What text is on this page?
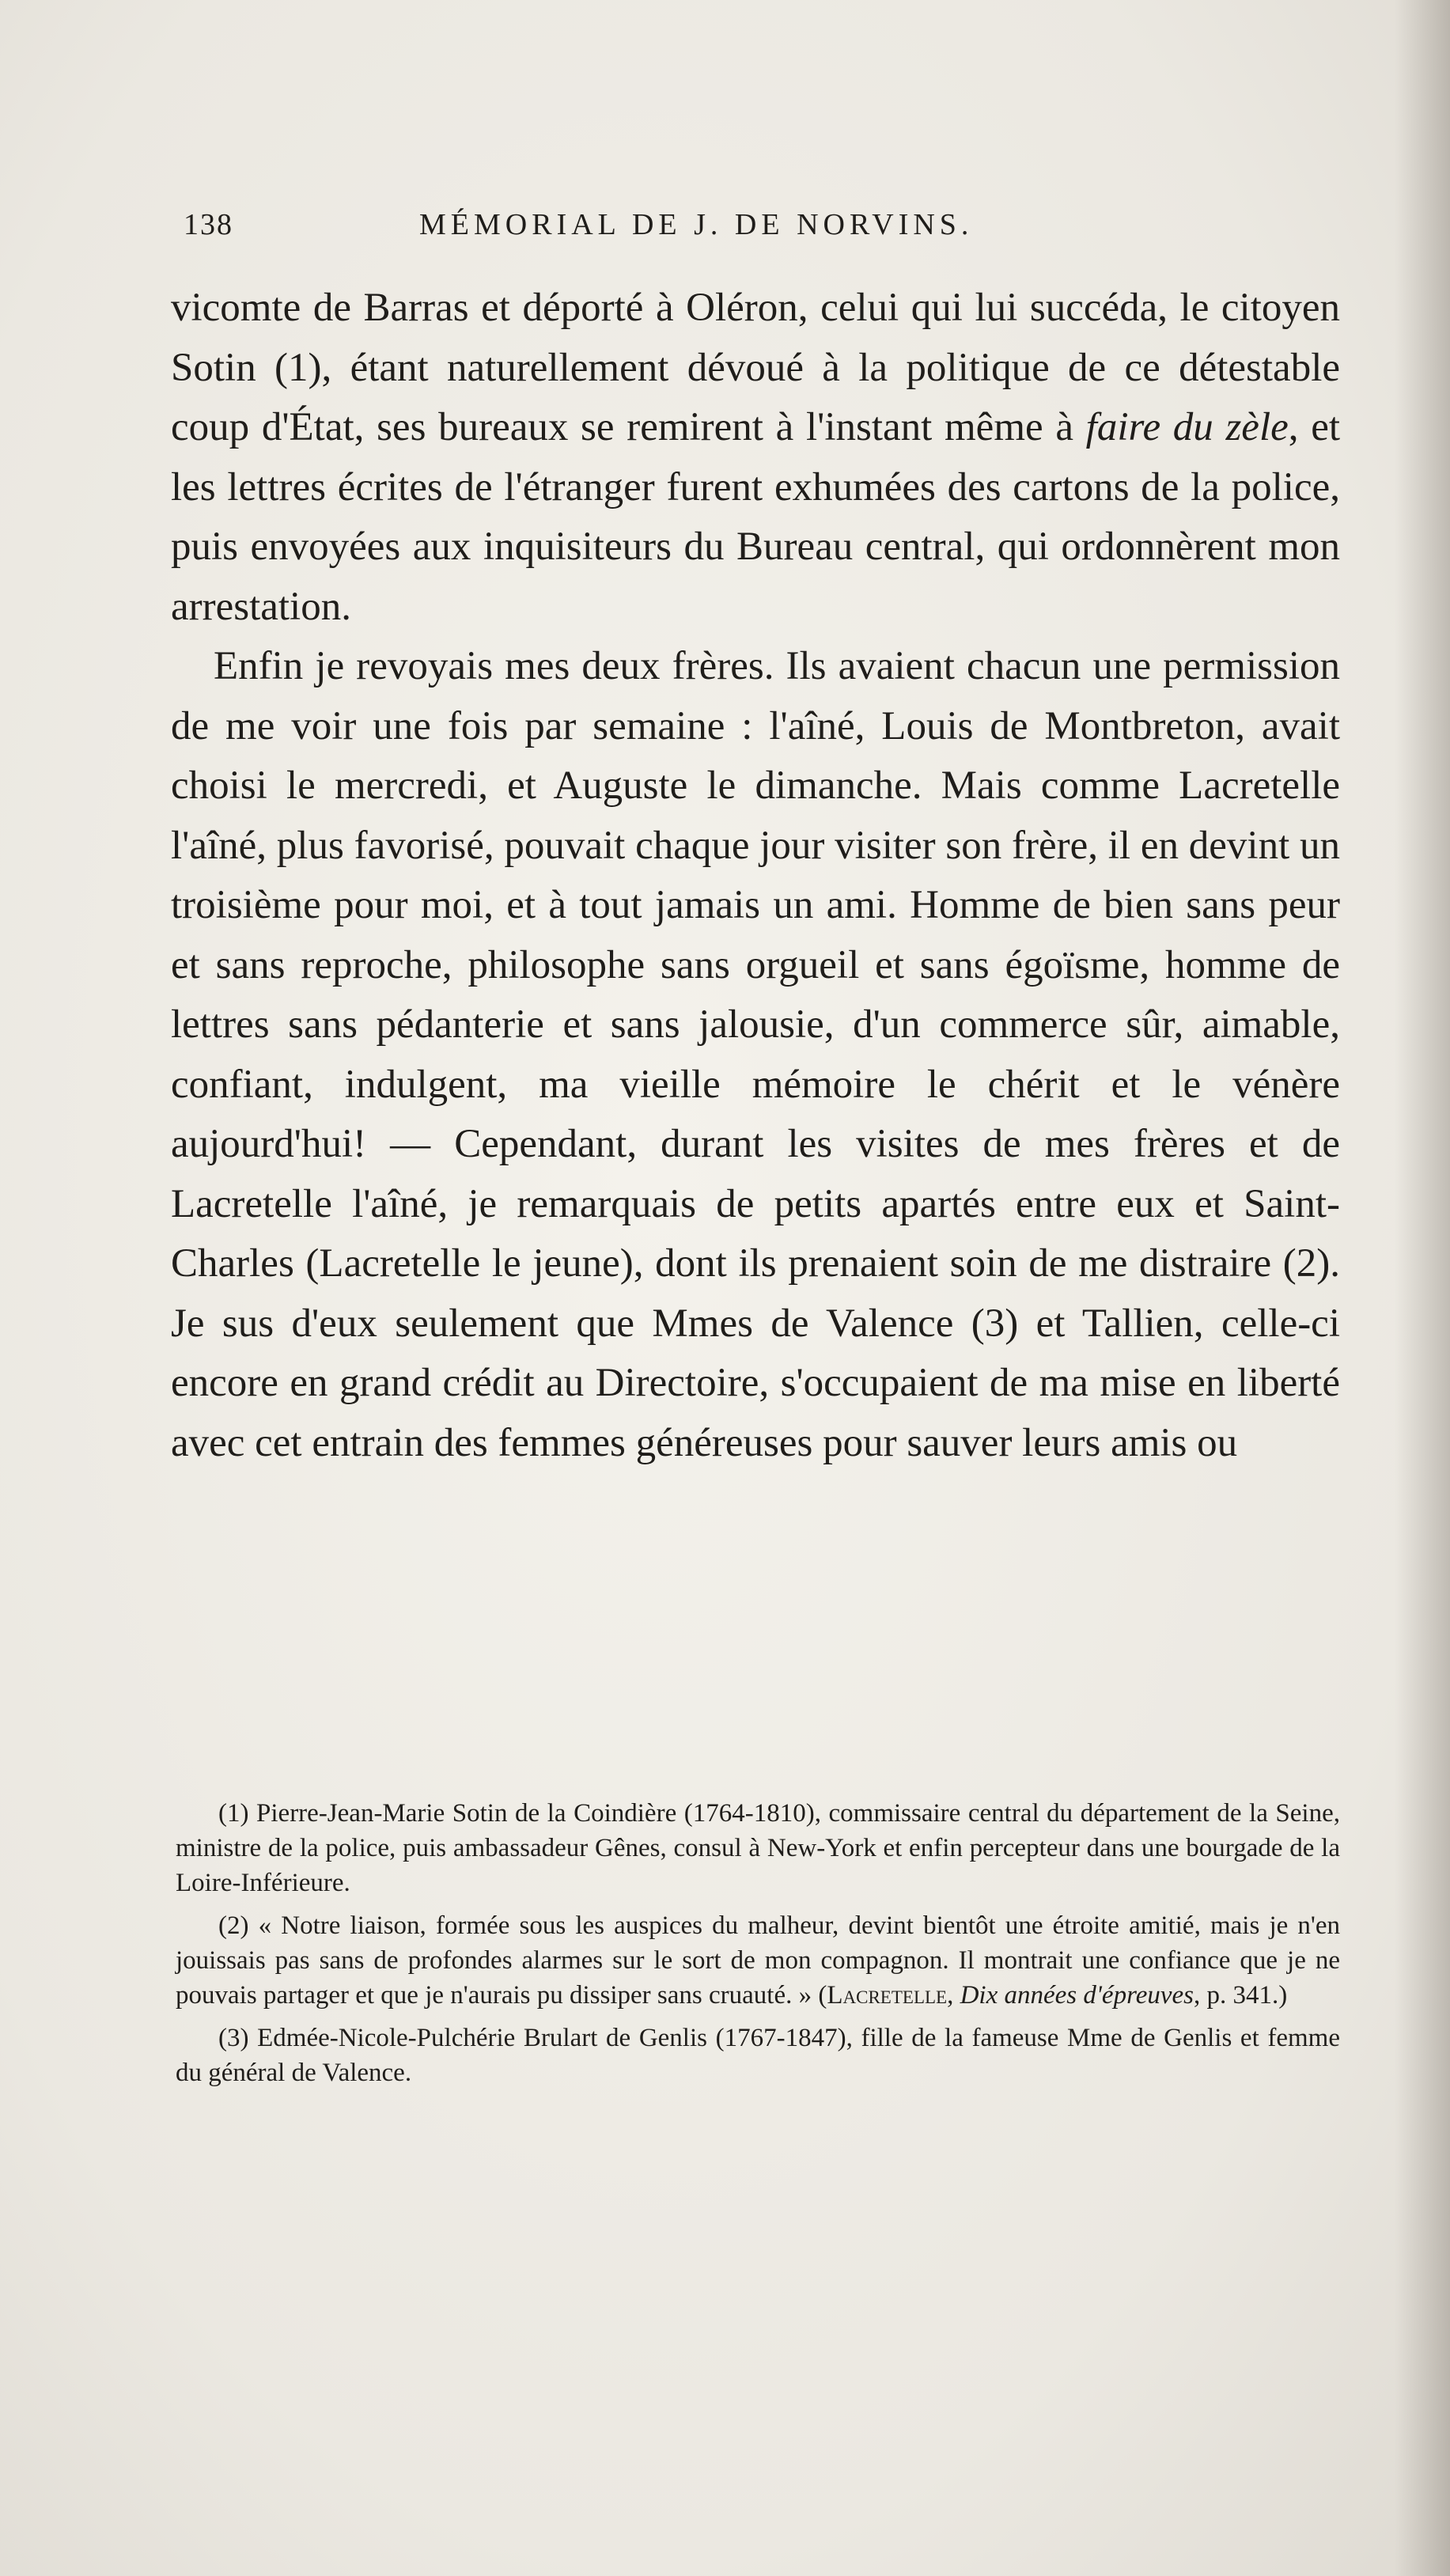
138	MÉMORIAL DE J. DE NORVINS.

vicomte de Barras et déporté à Oléron, celui qui lui succéda, le citoyen Sotin (1), étant naturellement dévoué à la politique de ce détestable coup d'État, ses bureaux se remirent à l'instant même à faire du zèle, et les lettres écrites de l'étranger furent exhumées des cartons de la police, puis envoyées aux inquisiteurs du Bureau central, qui ordonnèrent mon arrestation.

Enfin je revoyais mes deux frères. Ils avaient chacun une permission de me voir une fois par semaine : l'aîné, Louis de Montbreton, avait choisi le mercredi, et Auguste le dimanche. Mais comme Lacretelle l'aîné, plus favorisé, pouvait chaque jour visiter son frère, il en devint un troisième pour moi, et à tout jamais un ami. Homme de bien sans peur et sans reproche, philosophe sans orgueil et sans égoïsme, homme de lettres sans pédanterie et sans jalousie, d'un commerce sûr, aimable, confiant, indulgent, ma vieille mémoire le chérit et le vénère aujourd'hui! — Cependant, durant les visites de mes frères et de Lacretelle l'aîné, je remarquais de petits apartés entre eux et Saint-Charles (Lacretelle le jeune), dont ils prenaient soin de me distraire (2). Je sus d'eux seulement que Mmes de Valence (3) et Tallien, celle-ci encore en grand crédit au Directoire, s'occupaient de ma mise en liberté avec cet entrain des femmes généreuses pour sauver leurs amis ou

(1) Pierre-Jean-Marie Sotin de la Coindière (1764-1810), commissaire central du département de la Seine, ministre de la police, puis ambassadeur Gênes, consul à New-York et enfin percepteur dans une bourgade de la Loire-Inférieure.

(2) « Notre liaison, formée sous les auspices du malheur, devint bientôt une étroite amitié, mais je n'en jouissais pas sans de profondes alarmes sur le sort de mon compagnon. Il montrait une confiance que je ne pouvais partager et que je n'aurais pu dissiper sans cruauté. » (Lacretelle, Dix années d'épreuves, p. 341.)

(3) Edmée-Nicole-Pulchérie Brulart de Genlis (1767-1847), fille de la fameuse Mme de Genlis et femme du général de Valence.
